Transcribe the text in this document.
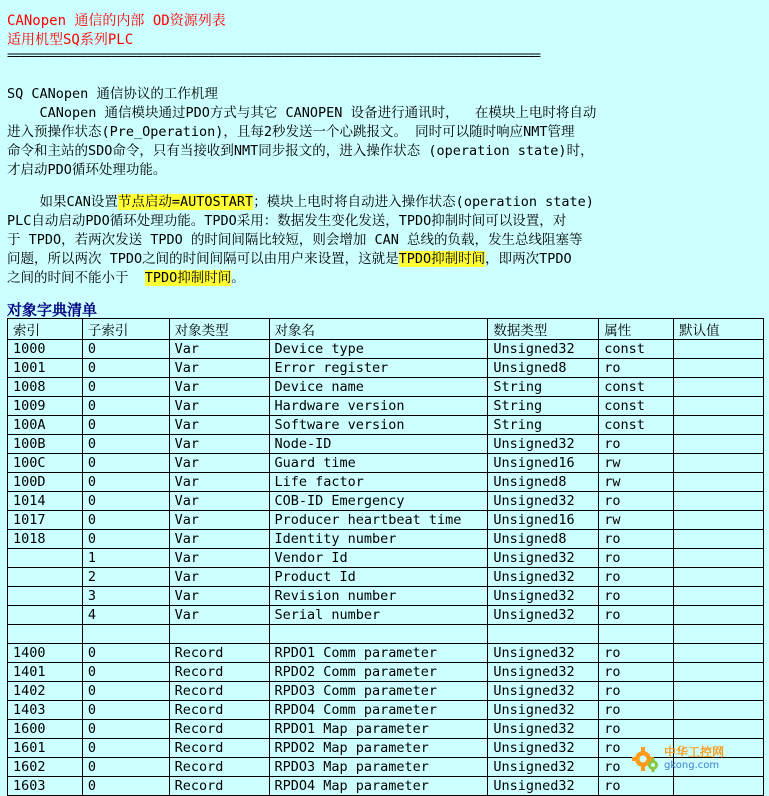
CANopen 通信的内部 OD资源列表
适用机型SQ系列PLC
=======================================================================================
SQ CANopen 通信协议的工作机理
CANopen 通信模块通过PDO方式与其它 CANOPEN 设备进行通讯时，  在模块上电时将自动
进入预操作状态(Pre_Operation)，且每2秒发送一个心跳报文。 同时可以随时响应NMT管理
命令和主站的SDO命令，只有当接收到NMT同步报文的，进入操作状态 (operation state)时，
才启动PDO循环处理功能。
如果CAN设置节点启动=AUTOSTART；模块上电时将自动进入操作状态(operation state)
PLC自动启动PDO循环处理功能。TPDO采用：数据发生变化发送，TPDO抑制时间可以设置，对
于 TPDO，若两次发送 TPDO 的时间间隔比较短，则会增加 CAN 总线的负载，发生总线阻塞等
问题，所以两次 TPDO之间的时间间隔可以由用户来设置，这就是TPDO抑制时间，即两次TPDO
之间的时间不能小于  TPDO抑制时间。
对象字典清单
索引	子索引	对象类型	对象名	数据类型	属性	默认值
1000	0	Var	Device type	Unsigned32	const	
1001	0	Var	Error register	Unsigned8	ro	
1008	0	Var	Device name	String	const	
1009	0	Var	Hardware version	String	const	
100A	0	Var	Software version	String	const	
100B	0	Var	Node-ID	Unsigned32	ro	
100C	0	Var	Guard time	Unsigned16	rw	
100D	0	Var	Life factor	Unsigned8	rw	
1014	0	Var	COB-ID Emergency	Unsigned32	ro	
1017	0	Var	Producer heartbeat time	Unsigned16	rw	
1018	0	Var	Identity number	Unsigned8	ro	
	1	Var	Vendor Id	Unsigned32	ro	
	2	Var	Product Id	Unsigned32	ro	
	3	Var	Revision number	Unsigned32	ro	
	4	Var	Serial number	Unsigned32	ro	

1400	0	Record	RPDO1 Comm parameter	Unsigned32	ro	
1401	0	Record	RPDO2 Comm parameter	Unsigned32	ro	
1402	0	Record	RPDO3 Comm parameter	Unsigned32	ro	
1403	0	Record	RPDO4 Comm parameter	Unsigned32	ro	
1600	0	Record	RPDO1 Map parameter	Unsigned32	ro	
1601	0	Record	RPDO2 Map parameter	Unsigned32	ro	
1602	0	Record	RPDO3 Map parameter	Unsigned32	ro	
1603	0	Record	RPDO4 Map parameter	Unsigned32	ro	
中华工控网
gkong.com
